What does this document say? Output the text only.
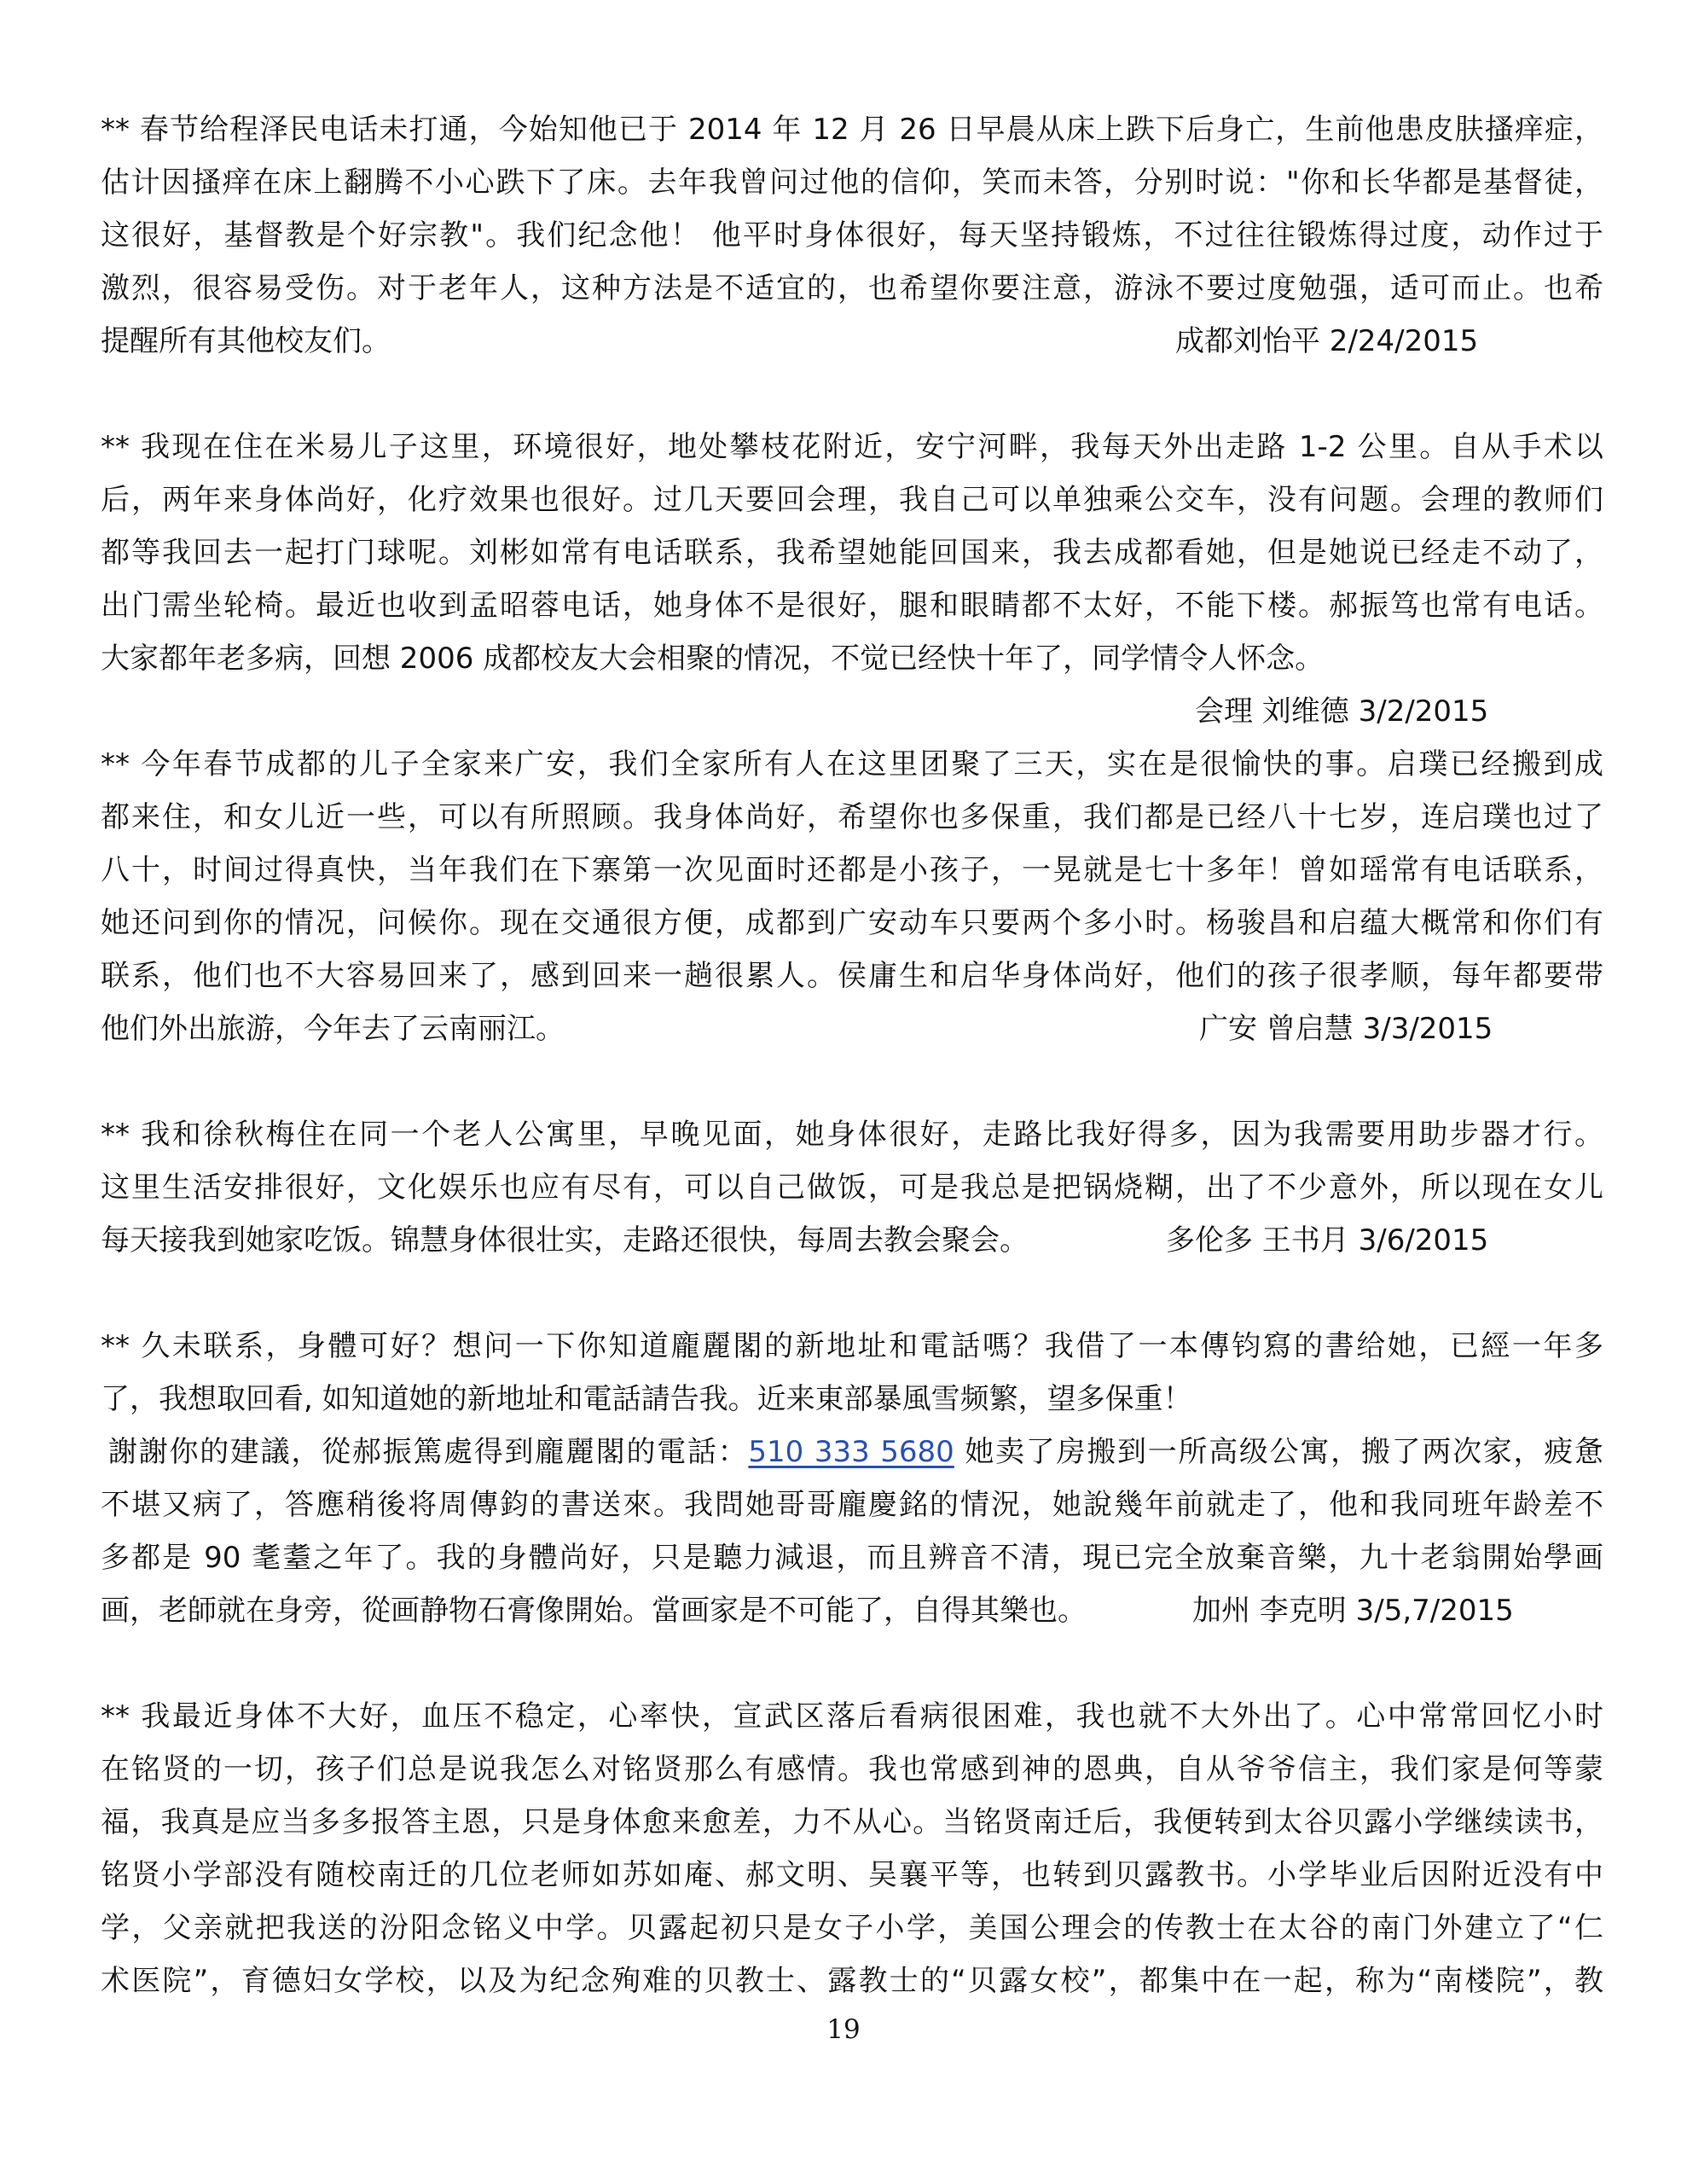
** 春节给程泽民电话未打通，今始知他已于 2014 年 12 月 26 日早晨从床上跌下后身亡，生前他患皮肤搔痒症，
估计因搔痒在床上翻腾不小心跌下了床。去年我曾问过他的信仰，笑而未答，分别时说："你和长华都是基督徒，
这很好，基督教是个好宗教"。我们纪念他！ 他平时身体很好，每天坚持锻炼，不过往往锻炼得过度，动作过于
激烈，很容易受伤。对于老年人，这种方法是不适宜的，也希望你要注意，游泳不要过度勉强，适可而止。也希
提醒所有其他校友们。	成都刘怡平 2/24/2015
** 我现在住在米易儿子这里，环境很好，地处攀枝花附近，安宁河畔，我每天外出走路 1-2 公里。自从手术以
后，两年来身体尚好，化疗效果也很好。过几天要回会理，我自己可以单独乘公交车，没有问题。会理的教师们
都等我回去一起打门球呢。刘彬如常有电话联系，我希望她能回国来，我去成都看她，但是她说已经走不动了，
出门需坐轮椅。最近也收到孟昭蓉电话，她身体不是很好，腿和眼睛都不太好，不能下楼。郝振笃也常有电话。
大家都年老多病，回想 2006 成都校友大会相聚的情况，不觉已经快十年了，同学情令人怀念。
会理 刘维德 3/2/2015
** 今年春节成都的儿子全家来广安，我们全家所有人在这里团聚了三天，实在是很愉快的事。启璞已经搬到成
都来住，和女儿近一些，可以有所照顾。我身体尚好，希望你也多保重，我们都是已经八十七岁，连启璞也过了
八十，时间过得真快，当年我们在下寨第一次见面时还都是小孩子，一晃就是七十多年！曾如瑶常有电话联系，
她还问到你的情况，问候你。现在交通很方便，成都到广安动车只要两个多小时。杨骏昌和启蕴大概常和你们有
联系，他们也不大容易回来了，感到回来一趟很累人。侯庸生和启华身体尚好，他们的孩子很孝顺，每年都要带
他们外出旅游，今年去了云南丽江。	广安 曾启慧 3/3/2015
** 我和徐秋梅住在同一个老人公寓里，早晚见面，她身体很好，走路比我好得多，因为我需要用助步器才行。
这里生活安排很好，文化娱乐也应有尽有，可以自己做饭，可是我总是把锅烧糊，出了不少意外，所以现在女儿
每天接我到她家吃饭。锦慧身体很壮实，走路还很快，每周去教会聚会。	多伦多 王书月 3/6/2015
** 久未联系，身體可好？想问一下你知道龐麗閣的新地址和電話嗎？我借了一本傳钧寫的書给她，已經一年多
了，我想取回看, 如知道她的新地址和電話請告我。近来東部暴風雪频繁，望多保重！
謝謝你的建議，從郝振篤處得到龐麗閣的電話：510 333 5680 她卖了房搬到一所高级公寓，搬了两次家，疲惫
不堪又病了，答應稍後将周傳鈞的書送來。我問她哥哥龐慶銘的情況，她說幾年前就走了，他和我同班年龄差不
多都是 90 耄耋之年了。我的身體尚好，只是聽力減退，而且辨音不清，現已完全放棄音樂，九十老翁開始學画
画，老師就在身旁，從画静物石膏像開始。當画家是不可能了，自得其樂也。	加州 李克明 3/5,7/2015
** 我最近身体不大好，血压不稳定，心率快，宣武区落后看病很困难，我也就不大外出了。心中常常回忆小时
在铭贤的一切，孩子们总是说我怎么对铭贤那么有感情。我也常感到神的恩典，自从爷爷信主，我们家是何等蒙
福，我真是应当多多报答主恩，只是身体愈来愈差，力不从心。当铭贤南迁后，我便转到太谷贝露小学继续读书，
铭贤小学部没有随校南迁的几位老师如苏如庵、郝文明、吴襄平等，也转到贝露教书。小学毕业后因附近没有中
学，父亲就把我送的汾阳念铭义中学。贝露起初只是女子小学，美国公理会的传教士在太谷的南门外建立了“仁
术医院”，育德妇女学校，以及为纪念殉难的贝教士、露教士的“贝露女校”，都集中在一起，称为“南楼院”，教
19
